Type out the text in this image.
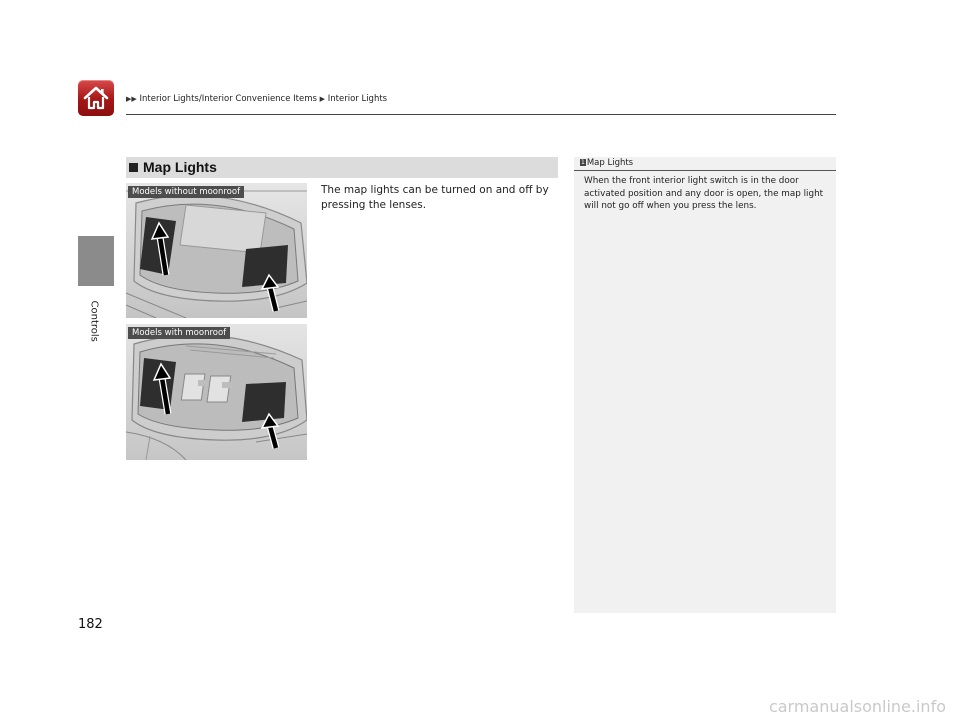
▶▶ Interior Lights/Interior Convenience Items ▶ Interior Lights
Controls
182
Map Lights
The map lights can be turned on and off by pressing the lenses.
Models without moonroof
Models with moonroof
1 Map Lights
When the front interior light switch is in the door activated position and any door is open, the map light will not go off when you press the lens.
carmanualsonline.info
